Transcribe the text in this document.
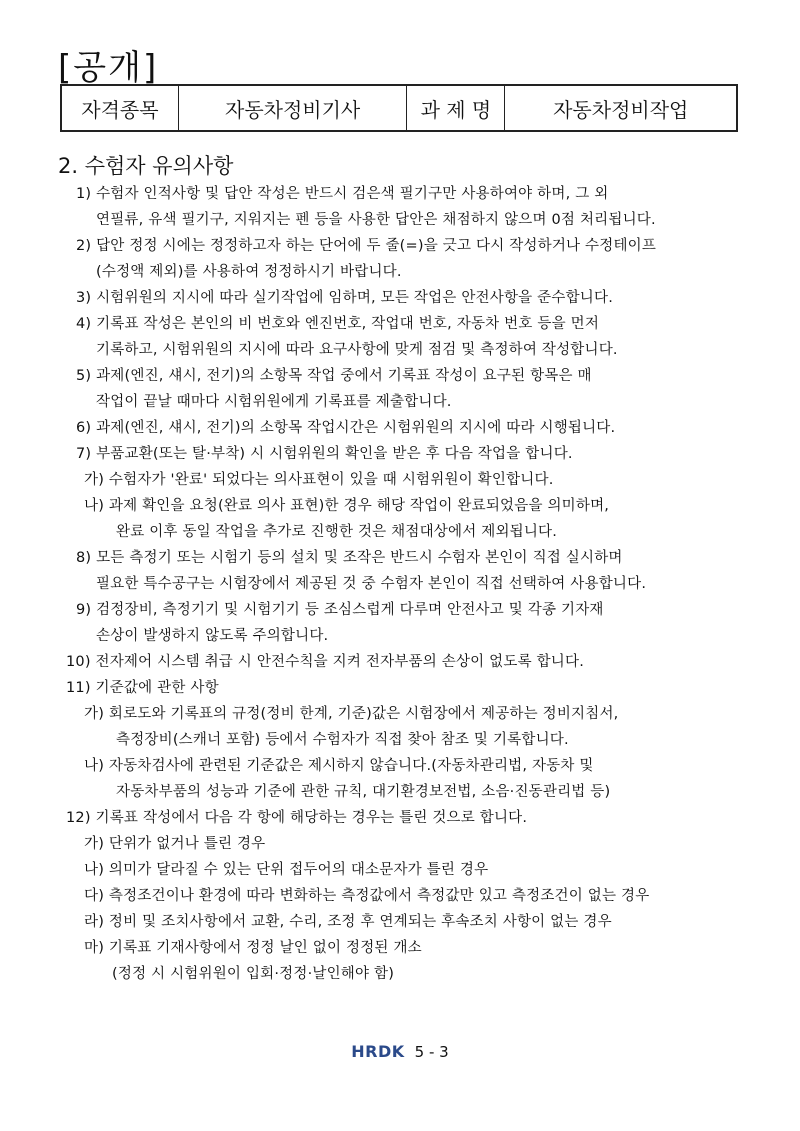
[공개]
자격종목	자동차정비기사	과 제 명	자동차정비작업
2. 수험자 유의사항
1) 수험자 인적사항 및 답안 작성은 반드시 검은색 필기구만 사용하여야 하며, 그 외
연필류, 유색 필기구, 지워지는 펜 등을 사용한 답안은 채점하지 않으며 0점 처리됩니다.
2) 답안 정정 시에는 정정하고자 하는 단어에 두 줄(=)을 긋고 다시 작성하거나 수정테이프
(수정액 제외)를 사용하여 정정하시기 바랍니다.
3) 시험위원의 지시에 따라 실기작업에 임하며, 모든 작업은 안전사항을 준수합니다.
4) 기록표 작성은 본인의 비 번호와 엔진번호, 작업대 번호, 자동차 번호 등을 먼저
기록하고, 시험위원의 지시에 따라 요구사항에 맞게 점검 및 측정하여 작성합니다.
5) 과제(엔진, 섀시, 전기)의 소항목 작업 중에서 기록표 작성이 요구된 항목은 매
작업이 끝날 때마다 시험위원에게 기록표를 제출합니다.
6) 과제(엔진, 섀시, 전기)의 소항목 작업시간은 시험위원의 지시에 따라 시행됩니다.
7) 부품교환(또는 탈·부착) 시 시험위원의 확인을 받은 후 다음 작업을 합니다.
가) 수험자가 '완료' 되었다는 의사표현이 있을 때 시험위원이 확인합니다.
나) 과제 확인을 요청(완료 의사 표현)한 경우 해당 작업이 완료되었음을 의미하며,
완료 이후 동일 작업을 추가로 진행한 것은 채점대상에서 제외됩니다.
8) 모든 측정기 또는 시험기 등의 설치 및 조작은 반드시 수험자 본인이 직접 실시하며
필요한 특수공구는 시험장에서 제공된 것 중 수험자 본인이 직접 선택하여 사용합니다.
9) 검정장비, 측정기기 및 시험기기 등 조심스럽게 다루며 안전사고 및 각종 기자재
손상이 발생하지 않도록 주의합니다.
10) 전자제어 시스템 취급 시 안전수칙을 지켜 전자부품의 손상이 없도록 합니다.
11) 기준값에 관한 사항
가) 회로도와 기록표의 규정(정비 한계, 기준)값은 시험장에서 제공하는 정비지침서,
측정장비(스캐너 포함) 등에서 수험자가 직접 찾아 참조 및 기록합니다.
나) 자동차검사에 관련된 기준값은 제시하지 않습니다.(자동차관리법, 자동차 및
자동차부품의 성능과 기준에 관한 규칙, 대기환경보전법, 소음·진동관리법 등)
12) 기록표 작성에서 다음 각 항에 해당하는 경우는 틀린 것으로 합니다.
가) 단위가 없거나 틀린 경우
나) 의미가 달라질 수 있는 단위 접두어의 대소문자가 틀린 경우
다) 측정조건이나 환경에 따라 변화하는 측정값에서 측정값만 있고 측정조건이 없는 경우
라) 정비 및 조치사항에서 교환, 수리, 조정 후 연계되는 후속조치 사항이 없는 경우
마) 기록표 기재사항에서 정정 날인 없이 정정된 개소
(정정 시 시험위원이 입회·정정·날인해야 함)
HRDK 5 - 3
